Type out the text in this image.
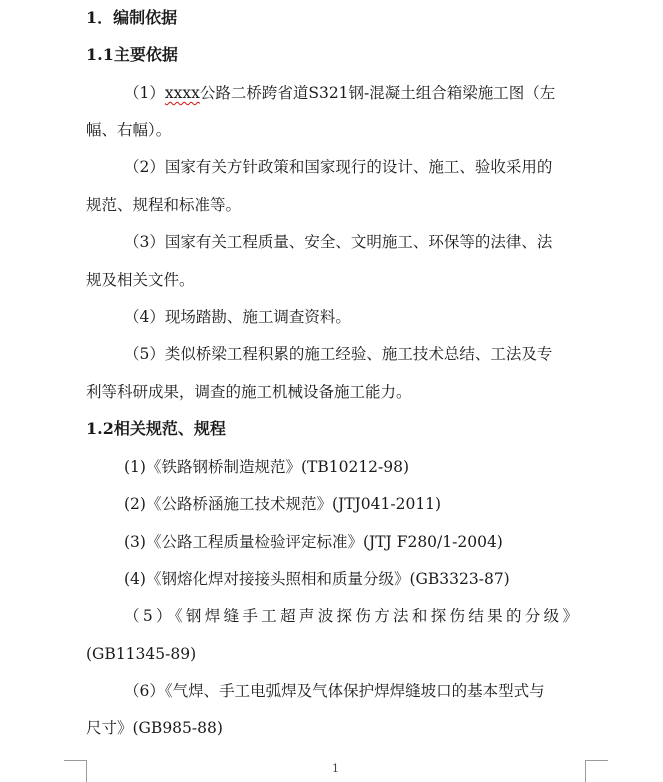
1．编制依据
1.1主要依据
（1）xxxx公路二桥跨省道S321钢-混凝土组合箱梁施工图（左
幅、右幅）。
（2）国家有关方针政策和国家现行的设计、施工、验收采用的
规范、规程和标准等。
（3）国家有关工程质量、安全、文明施工、环保等的法律、法
规及相关文件。
（4）现场踏勘、施工调查资料。
（5）类似桥梁工程积累的施工经验、施工技术总结、工法及专
利等科研成果，调查的施工机械设备施工能力。
1.2相关规范、规程
(1)《铁路钢桥制造规范》(TB10212-98)
(2)《公路桥涵施工技术规范》(JTJ041-2011)
(3)《公路工程质量检验评定标准》(JTJ F280/1-2004)
(4)《钢熔化焊对接接头照相和质量分级》(GB3323-87)
（5）《钢焊缝手工超声波探伤方法和探伤结果的分级》
(GB11345-89)
（6）《气焊、手工电弧焊及气体保护焊焊缝坡口的基本型式与
尺寸》(GB985-88)
1
